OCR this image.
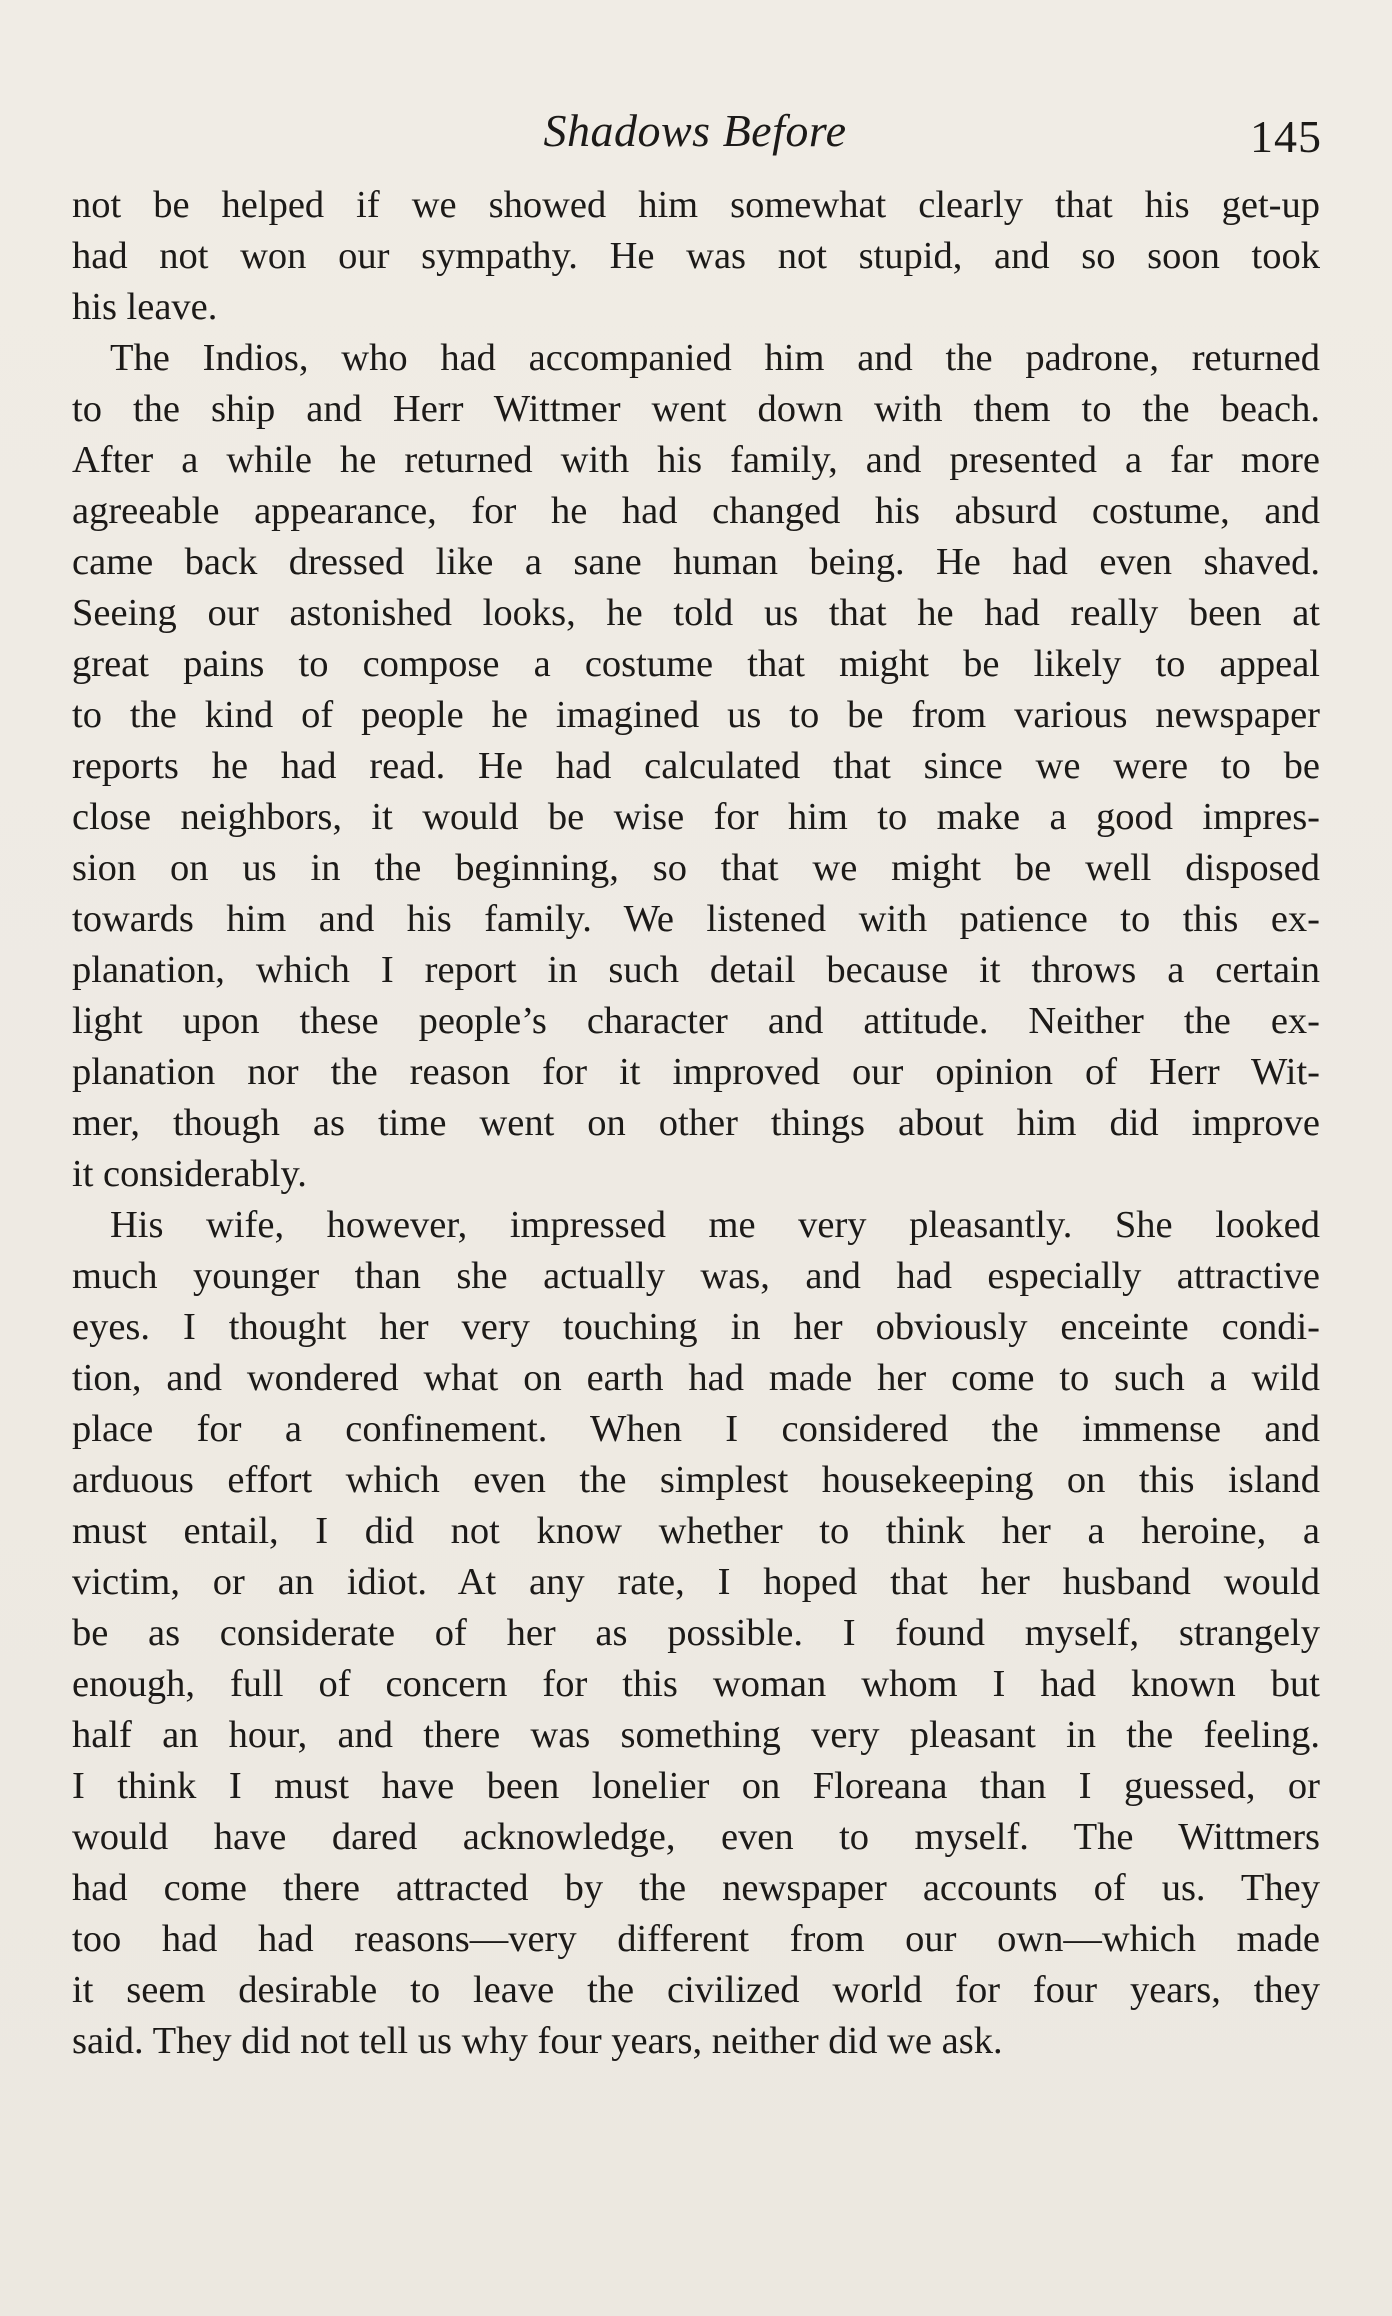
Shadows Before	145
not be helped if we showed him somewhat clearly that his get-up
had not won our sympathy. He was not stupid, and so soon took
his leave.
The Indios, who had accompanied him and the padrone, returned
to the ship and Herr Wittmer went down with them to the beach.
After a while he returned with his family, and presented a far more
agreeable appearance, for he had changed his absurd costume, and
came back dressed like a sane human being. He had even shaved.
Seeing our astonished looks, he told us that he had really been at
great pains to compose a costume that might be likely to appeal
to the kind of people he imagined us to be from various newspaper
reports he had read. He had calculated that since we were to be
close neighbors, it would be wise for him to make a good impres-
sion on us in the beginning, so that we might be well disposed
towards him and his family. We listened with patience to this ex-
planation, which I report in such detail because it throws a certain
light upon these people’s character and attitude. Neither the ex-
planation nor the reason for it improved our opinion of Herr Wit-
mer, though as time went on other things about him did improve
it considerably.
His wife, however, impressed me very pleasantly. She looked
much younger than she actually was, and had especially attractive
eyes. I thought her very touching in her obviously enceinte condi-
tion, and wondered what on earth had made her come to such a wild
place for a confinement. When I considered the immense and
arduous effort which even the simplest housekeeping on this island
must entail, I did not know whether to think her a heroine, a
victim, or an idiot. At any rate, I hoped that her husband would
be as considerate of her as possible. I found myself, strangely
enough, full of concern for this woman whom I had known but
half an hour, and there was something very pleasant in the feeling.
I think I must have been lonelier on Floreana than I guessed, or
would have dared acknowledge, even to myself. The Wittmers
had come there attracted by the newspaper accounts of us. They
too had had reasons—very different from our own—which made
it seem desirable to leave the civilized world for four years, they
said. They did not tell us why four years, neither did we ask.
